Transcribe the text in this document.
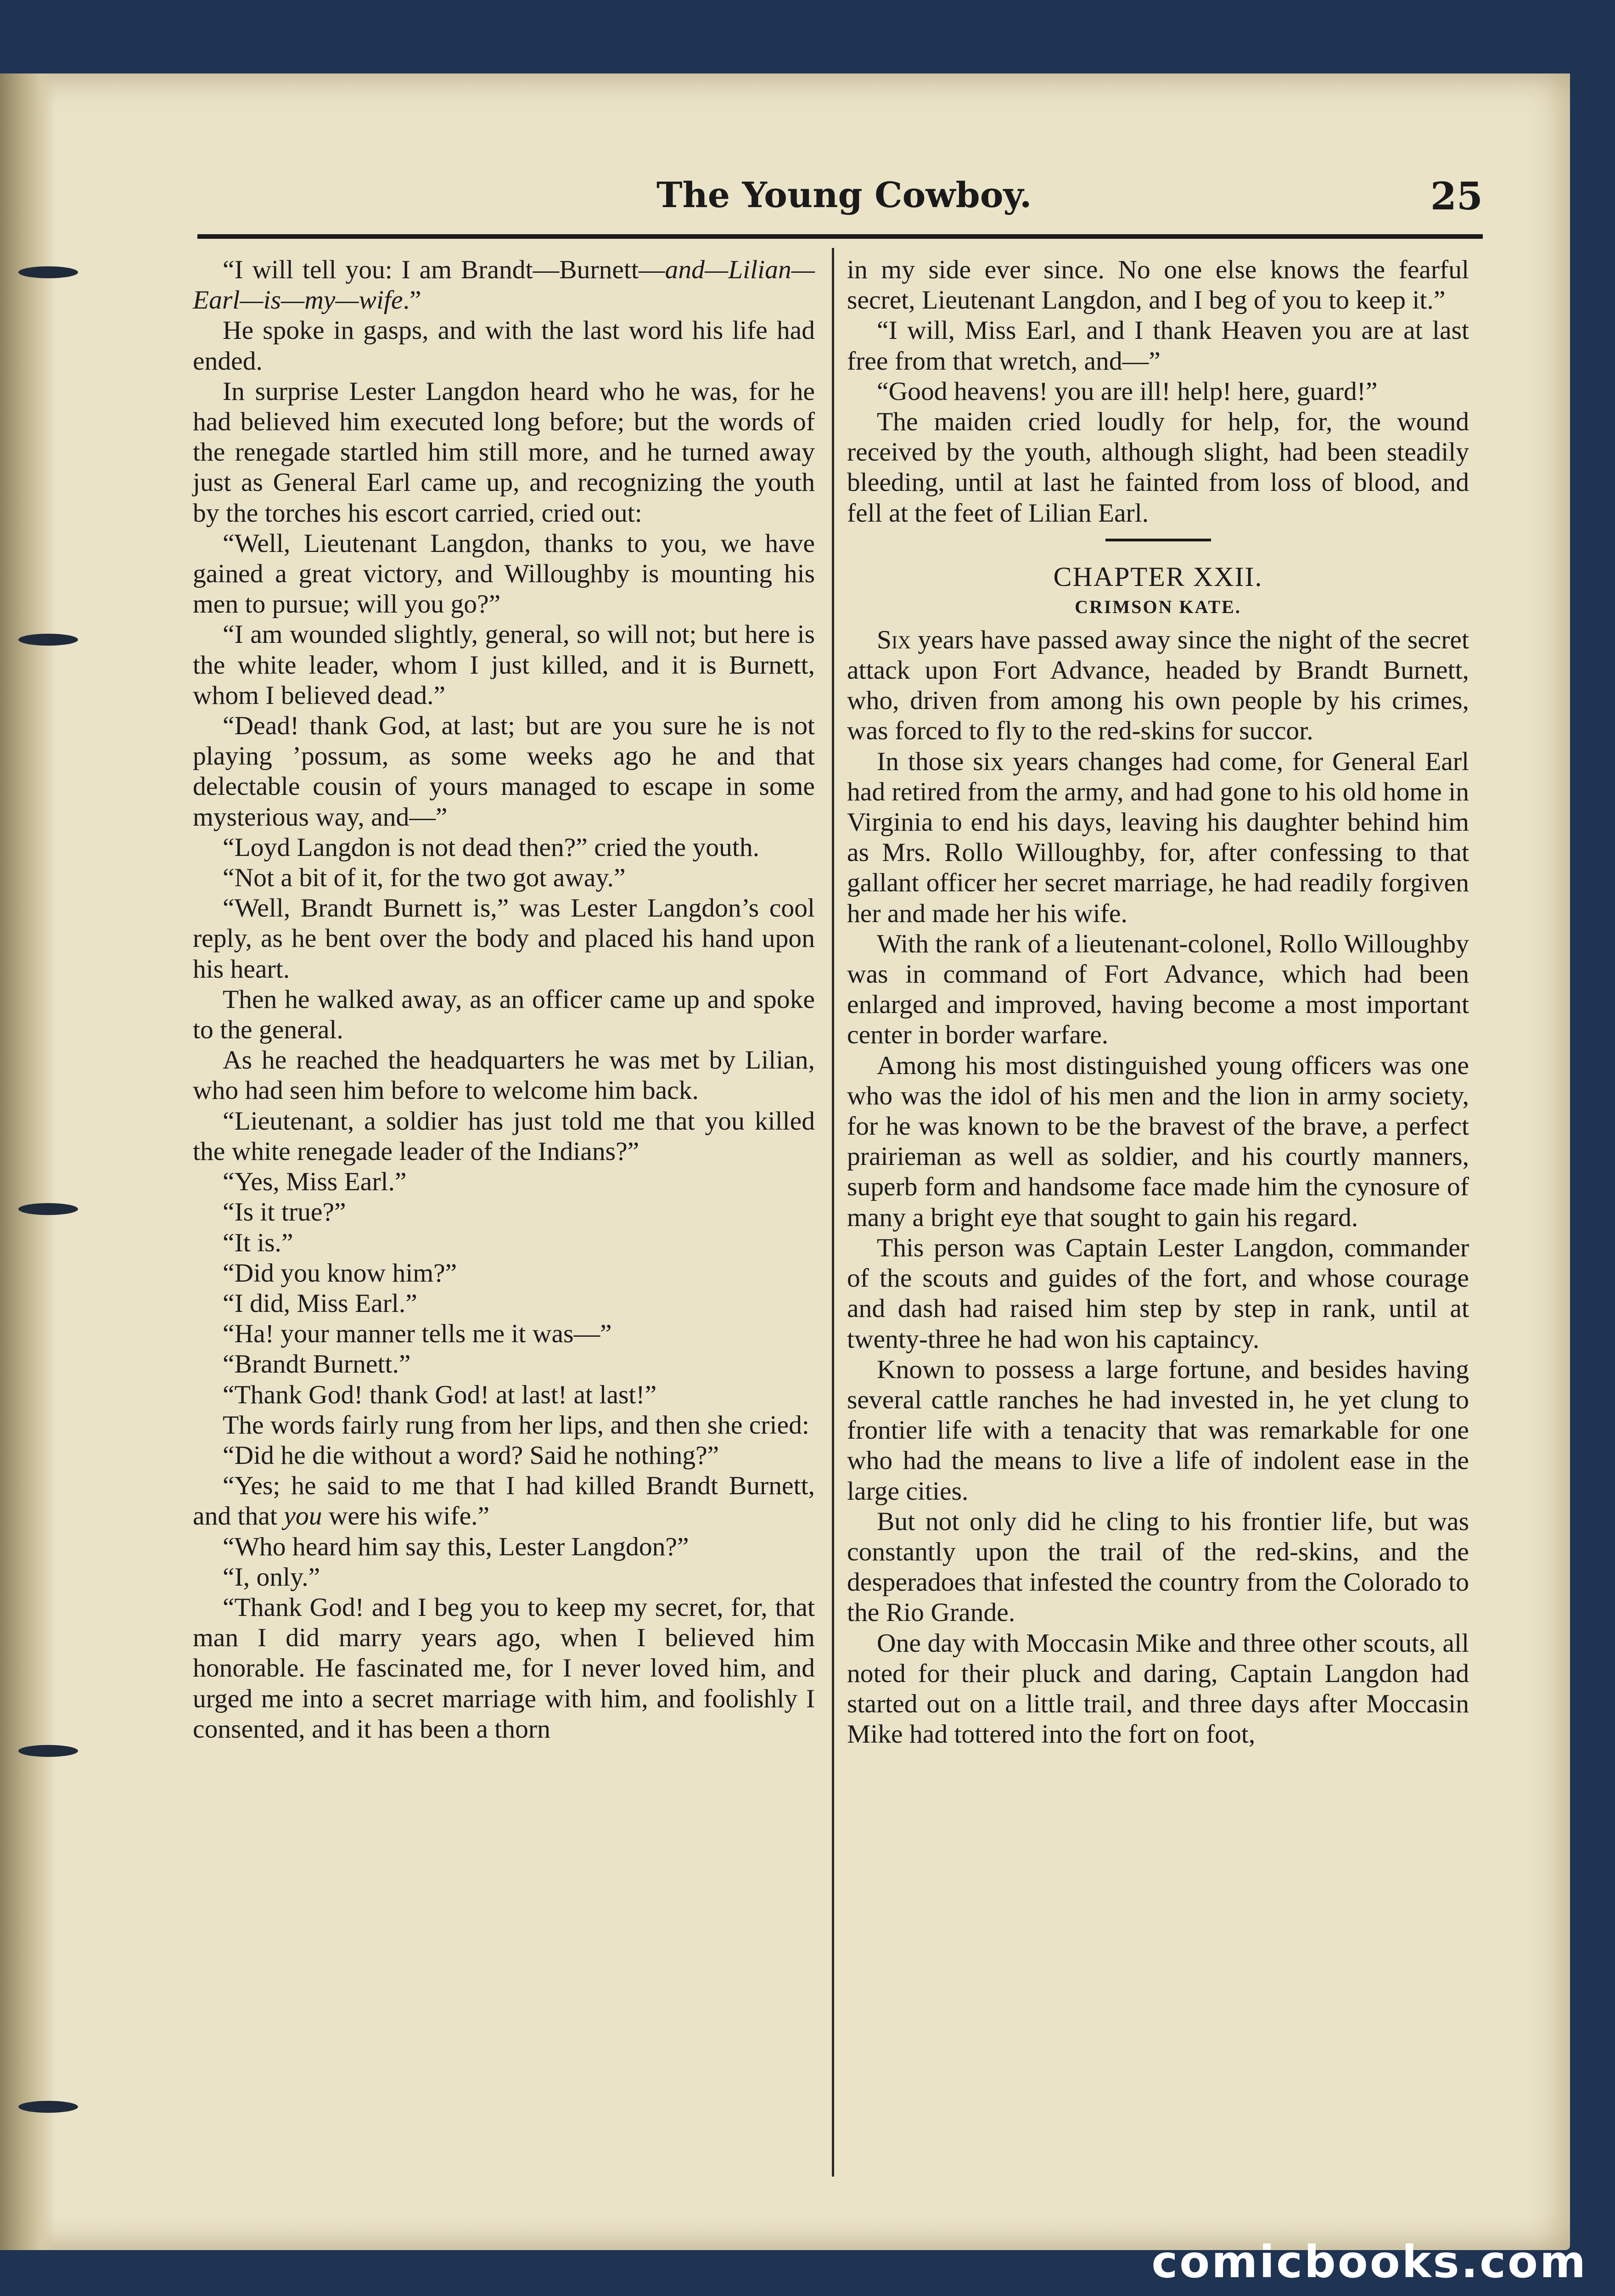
The Young Cowboy.	25

“I will tell you: I am Brandt—Burnett—and—Lilian—Earl—is—my—wife.”

He spoke in gasps, and with the last word his life had ended.

In surprise Lester Langdon heard who he was, for he had believed him executed long before; but the words of the renegade startled him still more, and he turned away just as General Earl came up, and recognizing the youth by the torches his escort carried, cried out:

“Well, Lieutenant Langdon, thanks to you, we have gained a great victory, and Willoughby is mounting his men to pursue; will you go?”

“I am wounded slightly, general, so will not; but here is the white leader, whom I just killed, and it is Burnett, whom I believed dead.”

“Dead! thank God, at last; but are you sure he is not playing ’possum, as some weeks ago he and that delectable cousin of yours managed to escape in some mysterious way, and—”

“Loyd Langdon is not dead then?” cried the youth.

“Not a bit of it, for the two got away.”

“Well, Brandt Burnett is,” was Lester Langdon’s cool reply, as he bent over the body and placed his hand upon his heart.

Then he walked away, as an officer came up and spoke to the general.

As he reached the headquarters he was met by Lilian, who had seen him before to welcome him back.

“Lieutenant, a soldier has just told me that you killed the white renegade leader of the Indians?”

“Yes, Miss Earl.”

“Is it true?”

“It is.”

“Did you know him?”

“I did, Miss Earl.”

“Ha! your manner tells me it was—”

“Brandt Burnett.”

“Thank God! thank God! at last! at last!”

The words fairly rung from her lips, and then she cried:

“Did he die without a word? Said he nothing?”

“Yes; he said to me that I had killed Brandt Burnett, and that you were his wife.”

“Who heard him say this, Lester Langdon?”

“I, only.”

“Thank God! and I beg you to keep my secret, for, that man I did marry years ago, when I believed him honorable. He fascinated me, for I never loved him, and urged me into a secret marriage with him, and foolishly I consented, and it has been a thorn

in my side ever since. No one else knows the fearful secret, Lieutenant Langdon, and I beg of you to keep it.”

“I will, Miss Earl, and I thank Heaven you are at last free from that wretch, and—”

“Good heavens! you are ill! help! here, guard!”

The maiden cried loudly for help, for, the wound received by the youth, although slight, had been steadily bleeding, until at last he fainted from loss of blood, and fell at the feet of Lilian Earl.

CHAPTER XXII.

CRIMSON KATE.

Six years have passed away since the night of the secret attack upon Fort Advance, headed by Brandt Burnett, who, driven from among his own people by his crimes, was forced to fly to the red-skins for succor.

In those six years changes had come, for General Earl had retired from the army, and had gone to his old home in Virginia to end his days, leaving his daughter behind him as Mrs. Rollo Willoughby, for, after confessing to that gallant officer her secret marriage, he had readily forgiven her and made her his wife.

With the rank of a lieutenant-colonel, Rollo Willoughby was in command of Fort Advance, which had been enlarged and improved, having become a most important center in border warfare.

Among his most distinguished young officers was one who was the idol of his men and the lion in army society, for he was known to be the bravest of the brave, a perfect prairieman as well as soldier, and his courtly manners, superb form and handsome face made him the cynosure of many a bright eye that sought to gain his regard.

This person was Captain Lester Langdon, commander of the scouts and guides of the fort, and whose courage and dash had raised him step by step in rank, until at twenty-three he had won his captaincy.

Known to possess a large fortune, and besides having several cattle ranches he had invested in, he yet clung to frontier life with a tenacity that was remarkable for one who had the means to live a life of indolent ease in the large cities.

But not only did he cling to his frontier life, but was constantly upon the trail of the red-skins, and the desperadoes that infested the country from the Colorado to the Rio Grande.

One day with Moccasin Mike and three other scouts, all noted for their pluck and daring, Captain Langdon had started out on a little trail, and three days after Moccasin Mike had tottered into the fort on foot,

comicbooks.com
